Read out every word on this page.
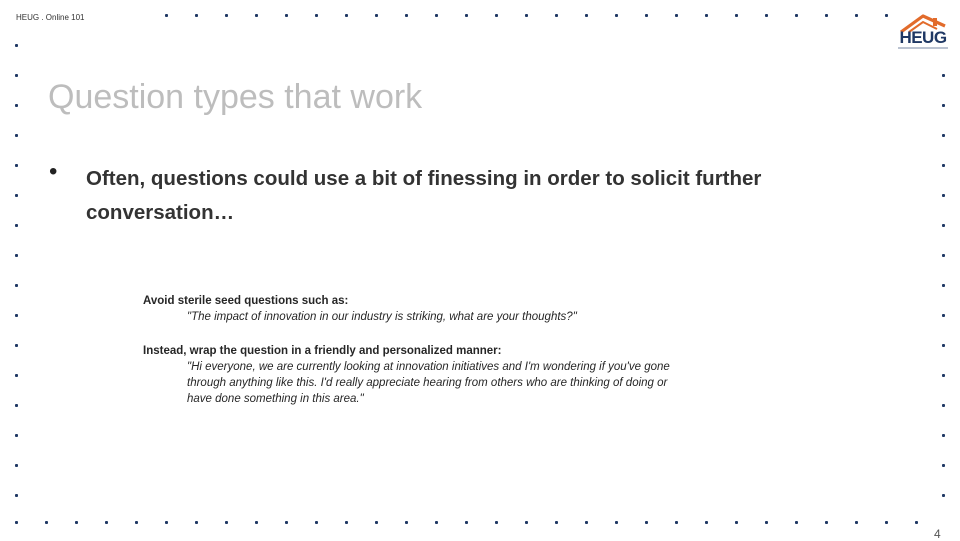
HEUG . Online 101
HEUG
Question types that work
• Often, questions could use a bit of finessing in order to solicit further conversation…
Avoid sterile seed questions such as:
"The impact of innovation in our industry is striking, what are your thoughts?"
Instead, wrap the question in a friendly and personalized manner:
"Hi everyone, we are currently looking at innovation initiatives and I'm wondering if you've gone
through anything like this. I'd really appreciate hearing from others who are thinking of doing or
have done something in this area."
4
